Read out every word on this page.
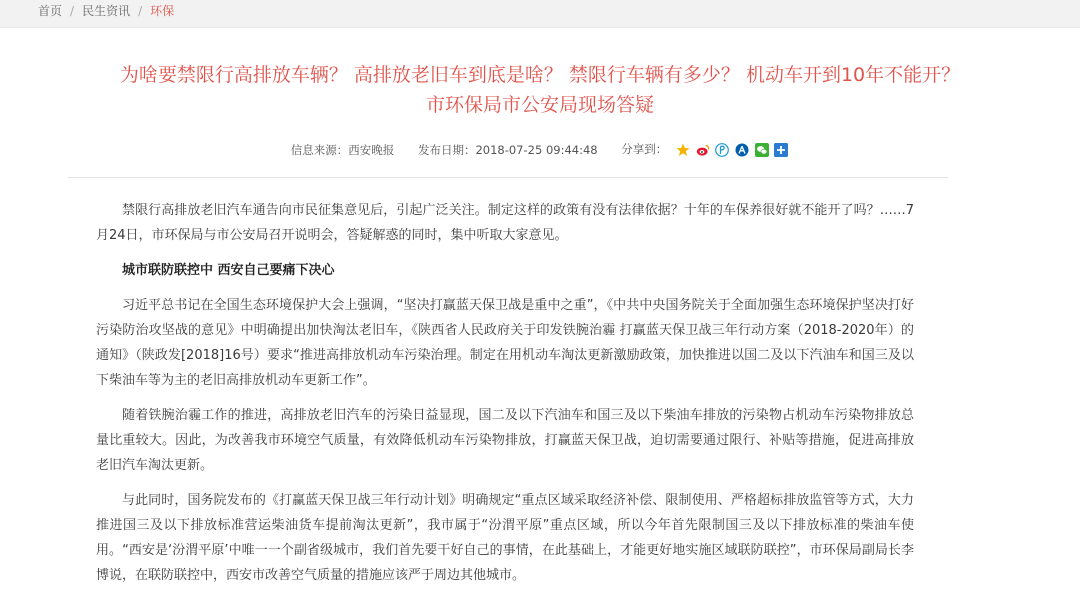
首页 / 民生资讯 / 环保
为啥要禁限行高排放车辆？ 高排放老旧车到底是啥？ 禁限行车辆有多少？ 机动车开到10年不能开？
市环保局市公安局现场答疑
信息来源：西安晚报 发布日期：2018-07-25 09:44:48 分享到：

禁限行高排放老旧汽车通告向市民征集意见后，引起广泛关注。制定这样的政策有没有法律依据？十年的车保养很好就不能开了吗？……7月24日，市环保局与市公安局召开说明会，答疑解惑的同时，集中听取大家意见。

城市联防联控中 西安自己要痛下决心

习近平总书记在全国生态环境保护大会上强调，“坚决打赢蓝天保卫战是重中之重”，《中共中央国务院关于全面加强生态环境保护坚决打好污染防治攻坚战的意见》中明确提出加快淘汰老旧车，《陕西省人民政府关于印发铁腕治霾 打赢蓝天保卫战三年行动方案（2018-2020年）的通知》（陕政发[2018]16号）要求“推进高排放机动车污染治理。制定在用机动车淘汰更新激励政策，加快推进以国二及以下汽油车和国三及以下柴油车等为主的老旧高排放机动车更新工作”。

随着铁腕治霾工作的推进，高排放老旧汽车的污染日益显现，国二及以下汽油车和国三及以下柴油车排放的污染物占机动车污染物排放总量比重较大。因此，为改善我市环境空气质量，有效降低机动车污染物排放，打赢蓝天保卫战，迫切需要通过限行、补贴等措施，促进高排放老旧汽车淘汰更新。

与此同时，国务院发布的《打赢蓝天保卫战三年行动计划》明确规定“重点区域采取经济补偿、限制使用、严格超标排放监管等方式，大力推进国三及以下排放标准营运柴油货车提前淘汰更新”，我市属于“汾渭平原”重点区域，所以今年首先限制国三及以下排放标准的柴油车使用。“西安是‘汾渭平原’中唯一一个副省级城市，我们首先要干好自己的事情，在此基础上，才能更好地实施区域联防联控”，市环保局副局长李博说，在联防联控中，西安市改善空气质量的措施应该严于周边其他城市。
